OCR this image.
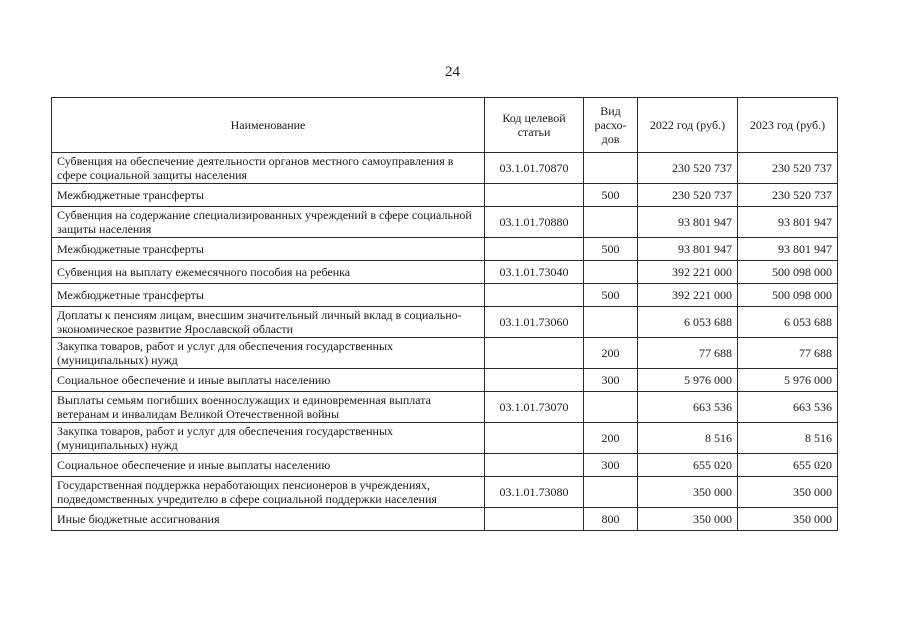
24
Наименование	Код целевой статьи	Вид расхо-дов	2022 год (руб.)	2023 год (руб.)
Субвенция на обеспечение деятельности органов местного самоуправления в сфере социальной защиты населения	03.1.01.70870		230 520 737	230 520 737
Межбюджетные трансферты		500	230 520 737	230 520 737
Субвенция на содержание специализированных учреждений в сфере социальной защиты населения	03.1.01.70880		93 801 947	93 801 947
Межбюджетные трансферты		500	93 801 947	93 801 947
Субвенция на выплату ежемесячного пособия на ребенка	03.1.01.73040		392 221 000	500 098 000
Межбюджетные трансферты		500	392 221 000	500 098 000
Доплаты к пенсиям лицам, внесшим значительный личный вклад в социально-экономическое развитие Ярославской области	03.1.01.73060		6 053 688	6 053 688
Закупка товаров, работ и услуг для обеспечения государственных (муниципальных) нужд		200	77 688	77 688
Социальное обеспечение и иные выплаты населению		300	5 976 000	5 976 000
Выплаты семьям погибших военнослужащих и единовременная выплата ветеранам и инвалидам Великой Отечественной войны	03.1.01.73070		663 536	663 536
Закупка товаров, работ и услуг для обеспечения государственных (муниципальных) нужд		200	8 516	8 516
Социальное обеспечение и иные выплаты населению		300	655 020	655 020
Государственная поддержка неработающих пенсионеров в учреждениях, подведомственных учредителю в сфере социальной поддержки населения	03.1.01.73080		350 000	350 000
Иные бюджетные ассигнования		800	350 000	350 000
